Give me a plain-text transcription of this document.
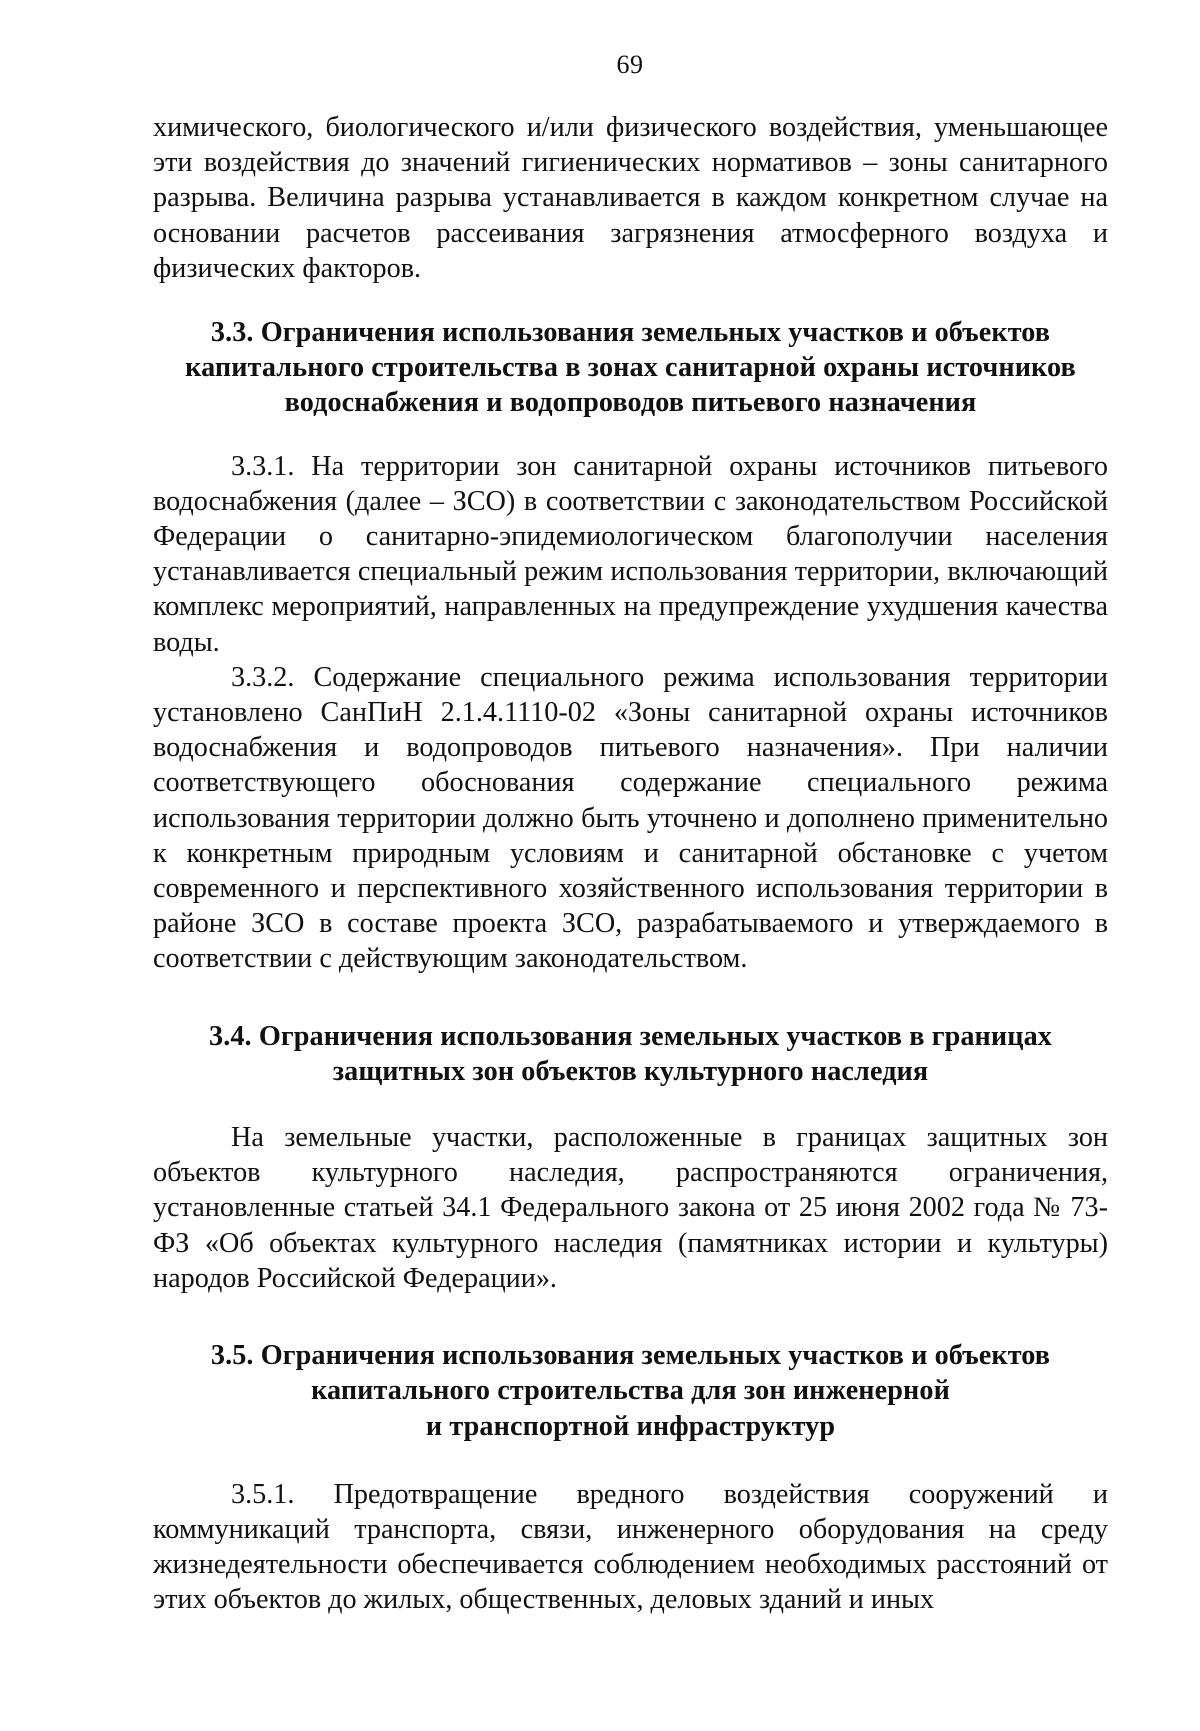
69

химического, биологического и/или физического воздействия, уменьшающее эти воздействия до значений гигиенических нормативов – зоны санитарного разрыва. Величина разрыва устанавливается в каждом конкретном случае на основании расчетов рассеивания загрязнения атмосферного воздуха и физических факторов.

3.3. Ограничения использования земельных участков и объектов
капитального строительства в зонах санитарной охраны источников
водоснабжения и водопроводов питьевого назначения

3.3.1. На территории зон санитарной охраны источников питьевого водоснабжения (далее – ЗСО) в соответствии с законодательством Российской Федерации о санитарно-эпидемиологическом благополучии населения устанавливается специальный режим использования территории, включающий комплекс мероприятий, направленных на предупреждение ухудшения качества воды.

3.3.2. Содержание специального режима использования территории установлено СанПиН 2.1.4.1110-02 «Зоны санитарной охраны источников водоснабжения и водопроводов питьевого назначения». При наличии соответствующего обоснования содержание специального режима использования территории должно быть уточнено и дополнено применительно к конкретным природным условиям и санитарной обстановке с учетом современного и перспективного хозяйственного использования территории в районе ЗСО в составе проекта ЗСО, разрабатываемого и утверждаемого в соответствии с действующим законодательством.

3.4. Ограничения использования земельных участков в границах
защитных зон объектов культурного наследия

На земельные участки, расположенные в границах защитных зон объектов культурного наследия, распространяются ограничения, установленные статьей 34.1 Федерального закона от 25 июня 2002 года № 73-ФЗ «Об объектах культурного наследия (памятниках истории и культуры) народов Российской Федерации».

3.5. Ограничения использования земельных участков и объектов
капитального строительства для зон инженерной
и транспортной инфраструктур

3.5.1. Предотвращение вредного воздействия сооружений и коммуникаций транспорта, связи, инженерного оборудования на среду жизнедеятельности обеспечивается соблюдением необходимых расстояний от этих объектов до жилых, общественных, деловых зданий и иных
